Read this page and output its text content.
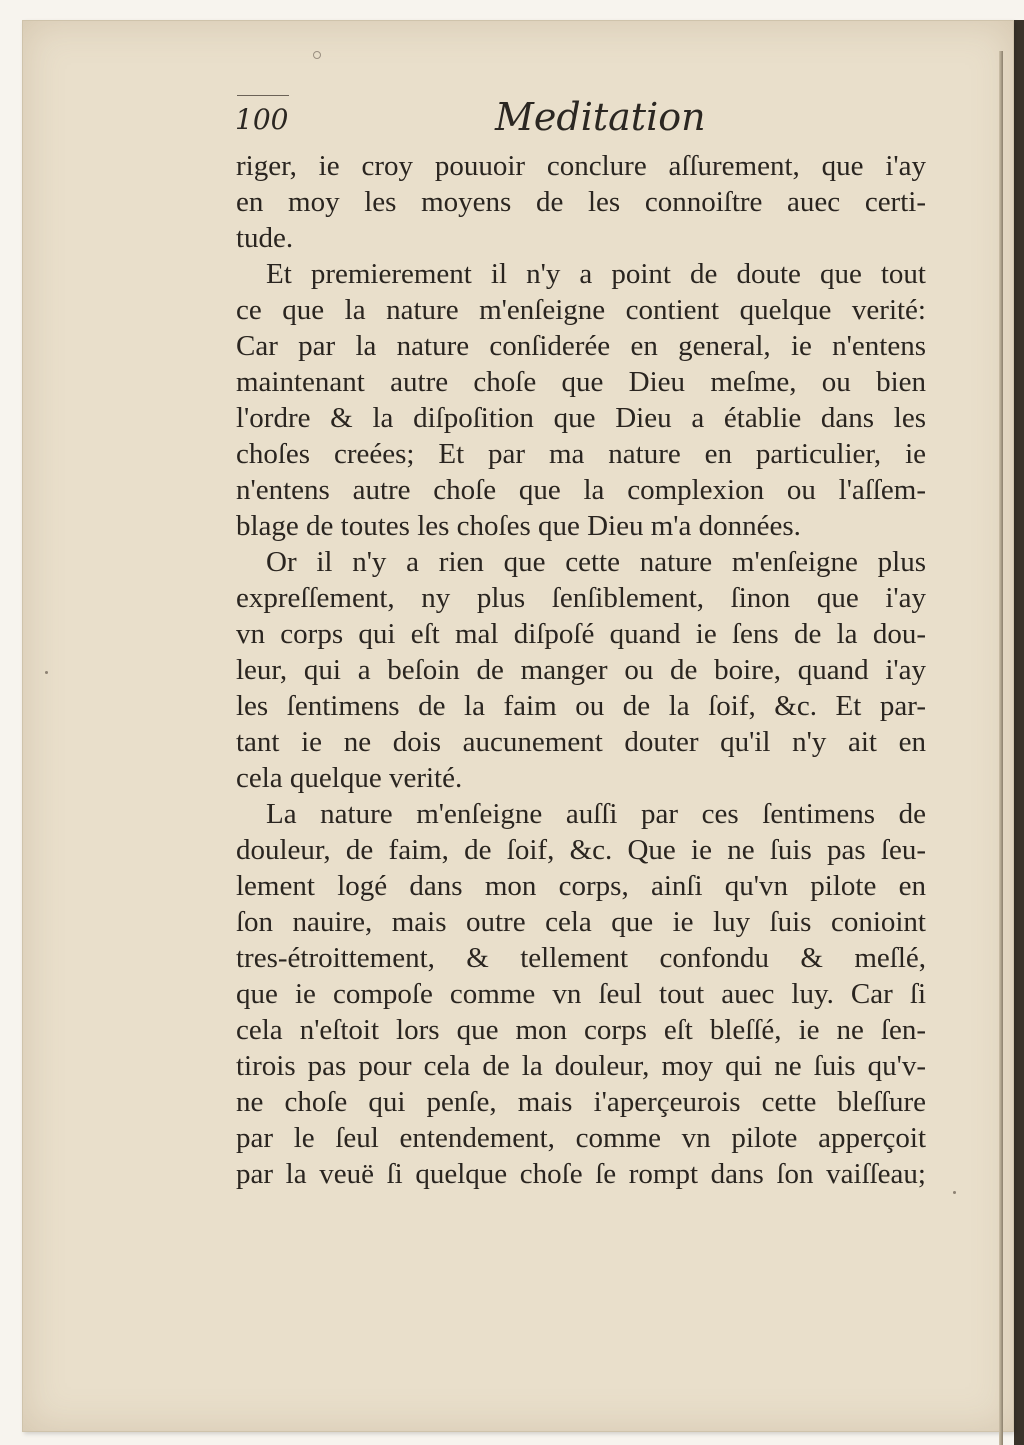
100	Meditation
riger, ie croy pouuoir conclure aſſurement, que i'ay
en moy les moyens de les connoiſtre auec certi-
tude.
Et premierement il n'y a point de doute que tout
ce que la nature m'enſeigne contient quelque verité:
Car par la nature conſiderée en general, ie n'entens
maintenant autre choſe que Dieu meſme, ou bien
l'ordre & la diſpoſition que Dieu a établie dans les
choſes creées; Et par ma nature en particulier, ie
n'entens autre choſe que la complexion ou l'aſſem-
blage de toutes les choſes que Dieu m'a données.
Or il n'y a rien que cette nature m'enſeigne plus
expreſſement, ny plus ſenſiblement, ſinon que i'ay
vn corps qui eſt mal diſpoſé quand ie ſens de la dou-
leur, qui a beſoin de manger ou de boire, quand i'ay
les ſentimens de la faim ou de la ſoif, &c. Et par-
tant ie ne dois aucunement douter qu'il n'y ait en
cela quelque verité.
La nature m'enſeigne auſſi par ces ſentimens de
douleur, de faim, de ſoif, &c. Que ie ne ſuis pas ſeu-
lement logé dans mon corps, ainſi qu'vn pilote en
ſon nauire, mais outre cela que ie luy ſuis conioint
tres-étroittement, & tellement confondu & meſlé,
que ie compoſe comme vn ſeul tout auec luy. Car ſi
cela n'eſtoit lors que mon corps eſt bleſſé, ie ne ſen-
tirois pas pour cela de la douleur, moy qui ne ſuis qu'v-
ne choſe qui penſe, mais i'aperçeurois cette bleſſure
par le ſeul entendement, comme vn pilote apperçoit
par la veuë ſi quelque choſe ſe rompt dans ſon vaiſſeau;
